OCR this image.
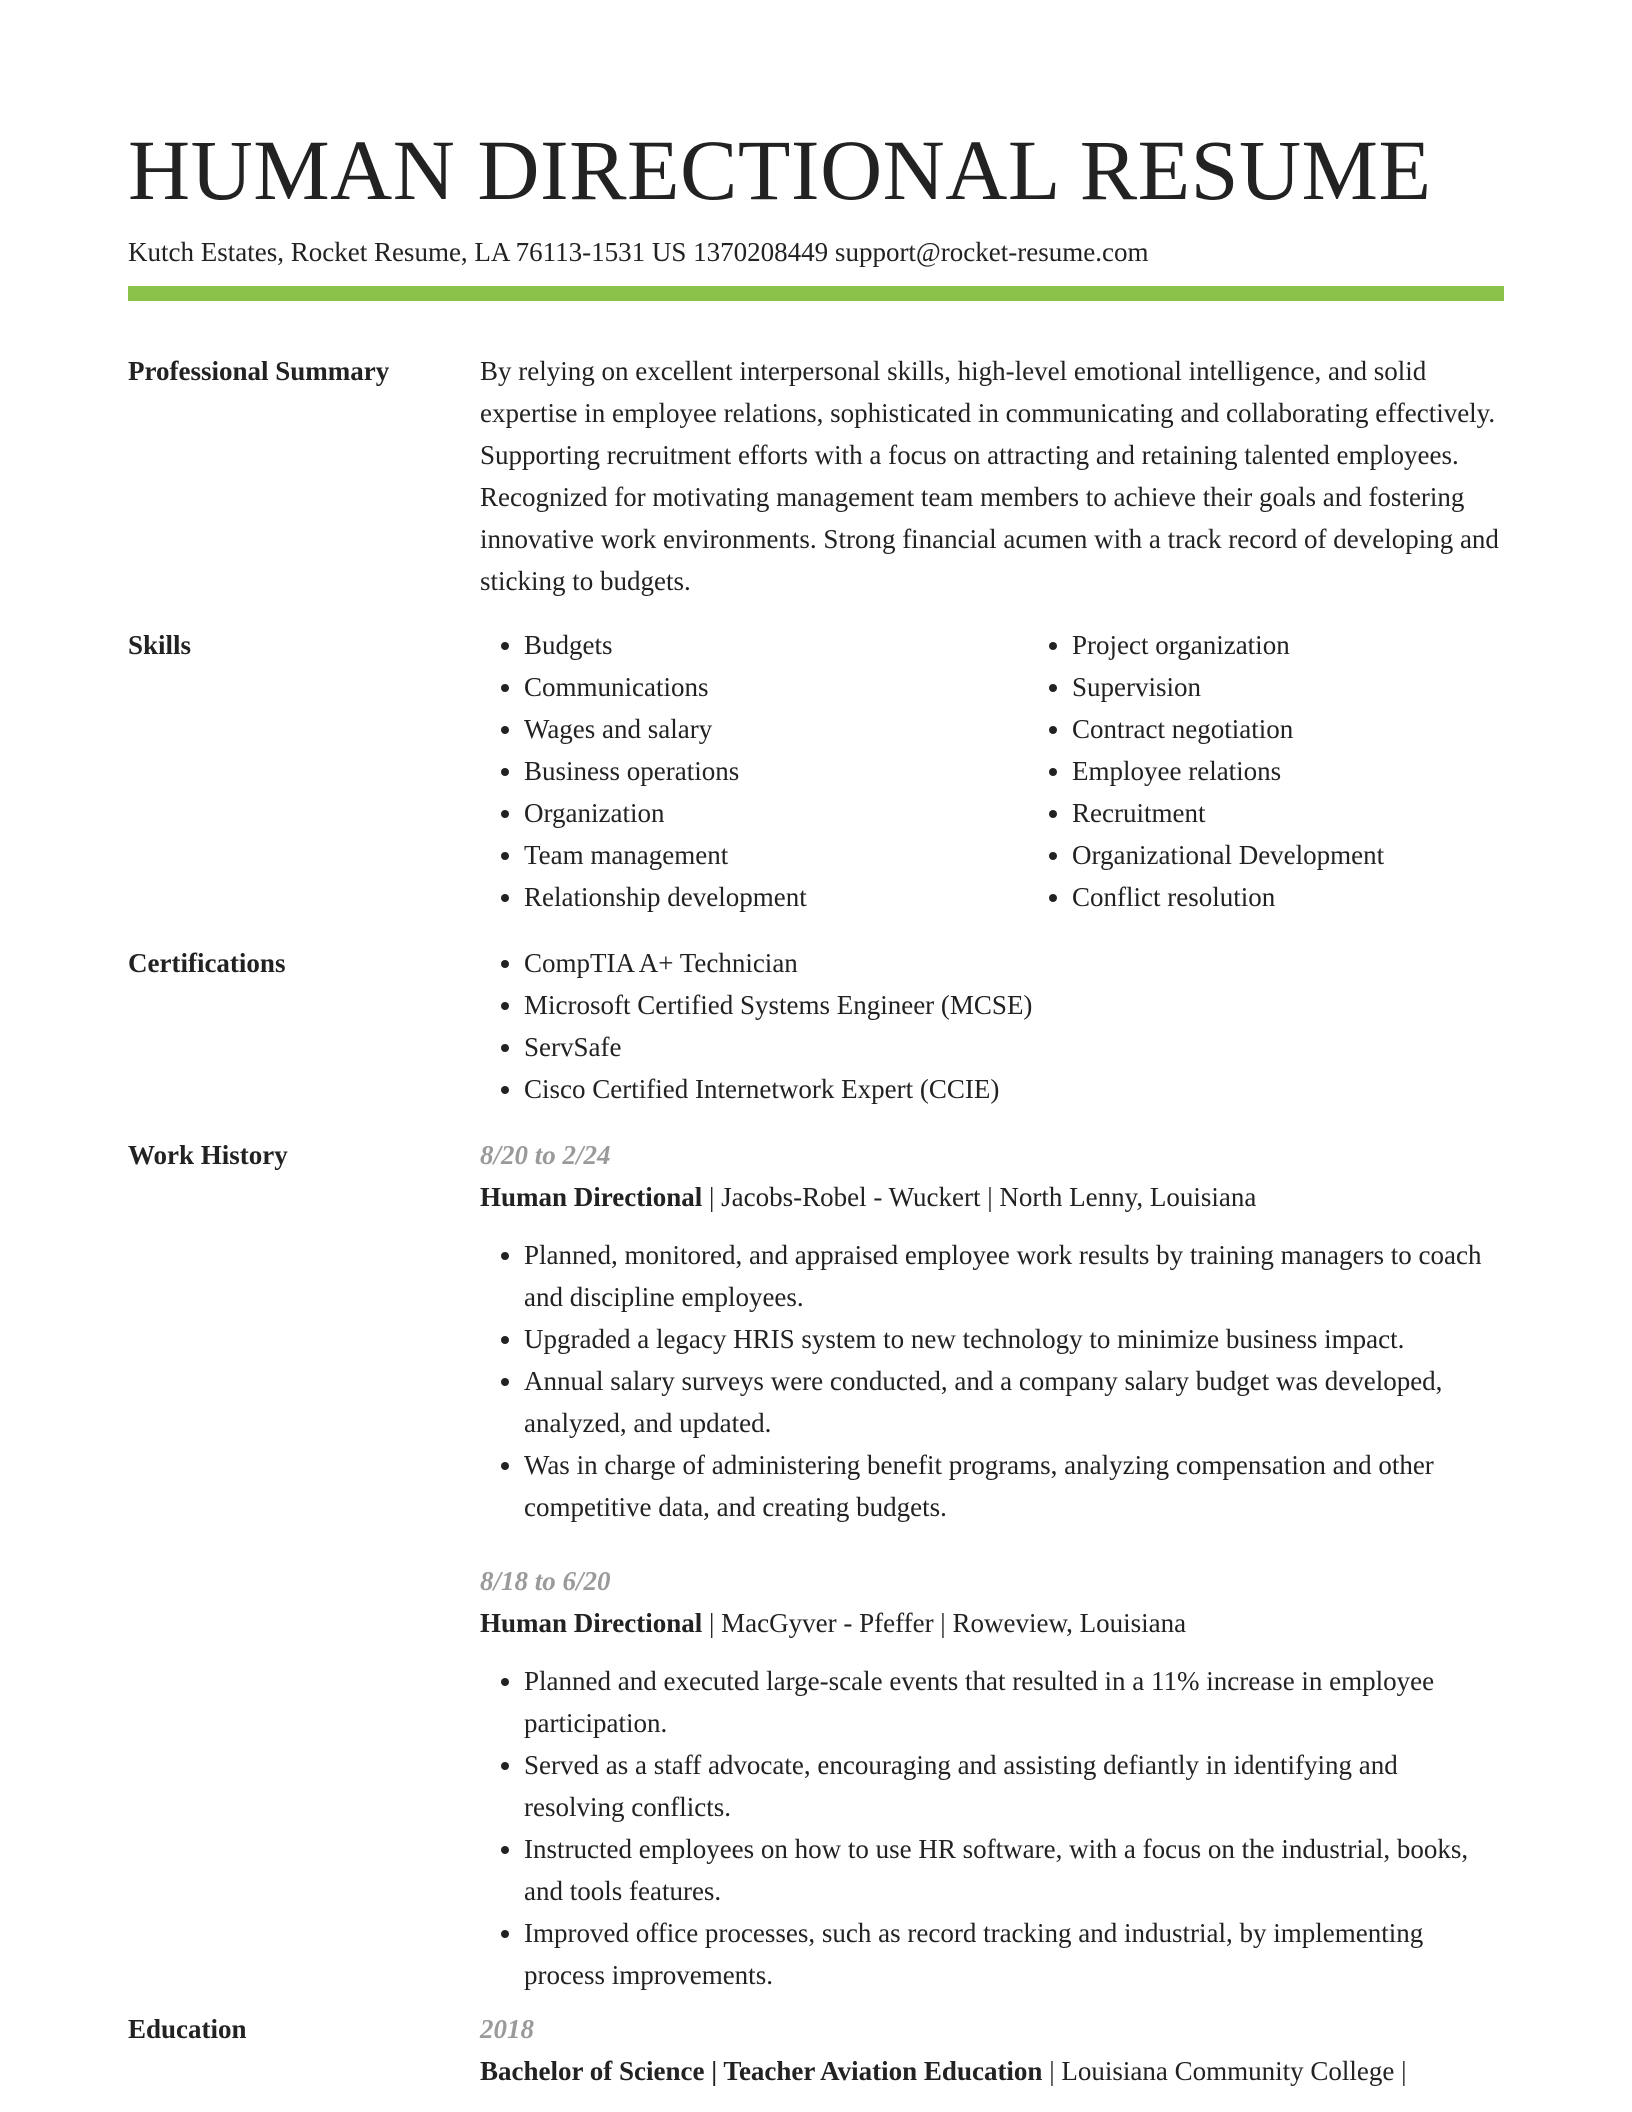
HUMAN DIRECTIONAL RESUME
Kutch Estates, Rocket Resume, LA 76113-1531 US 1370208449 support@rocket-resume.com
Professional Summary	By relying on excellent interpersonal skills, high-level emotional intelligence, and solid expertise in employee relations, sophisticated in communicating and collaborating effectively. Supporting recruitment efforts with a focus on attracting and retaining talented employees. Recognized for motivating management team members to achieve their goals and fostering innovative work environments. Strong financial acumen with a track record of developing and sticking to budgets.
Skills	• Budgets
• Communications
• Wages and salary
• Business operations
• Organization
• Team management
• Relationship development
• Project organization
• Supervision
• Contract negotiation
• Employee relations
• Recruitment
• Organizational Development
• Conflict resolution
Certifications	• CompTIA A+ Technician
• Microsoft Certified Systems Engineer (MCSE)
• ServSafe
• Cisco Certified Internetwork Expert (CCIE)
Work History	8/20 to 2/24
Human Directional | Jacobs-Robel - Wuckert | North Lenny, Louisiana
• Planned, monitored, and appraised employee work results by training managers to coach and discipline employees.
• Upgraded a legacy HRIS system to new technology to minimize business impact.
• Annual salary surveys were conducted, and a company salary budget was developed, analyzed, and updated.
• Was in charge of administering benefit programs, analyzing compensation and other competitive data, and creating budgets.
8/18 to 6/20
Human Directional | MacGyver - Pfeffer | Roweview, Louisiana
• Planned and executed large-scale events that resulted in a 11% increase in employee participation.
• Served as a staff advocate, encouraging and assisting defiantly in identifying and resolving conflicts.
• Instructed employees on how to use HR software, with a focus on the industrial, books, and tools features.
• Improved office processes, such as record tracking and industrial, by implementing process improvements.
Education	2018
Bachelor of Science | Teacher Aviation Education | Louisiana Community College |
